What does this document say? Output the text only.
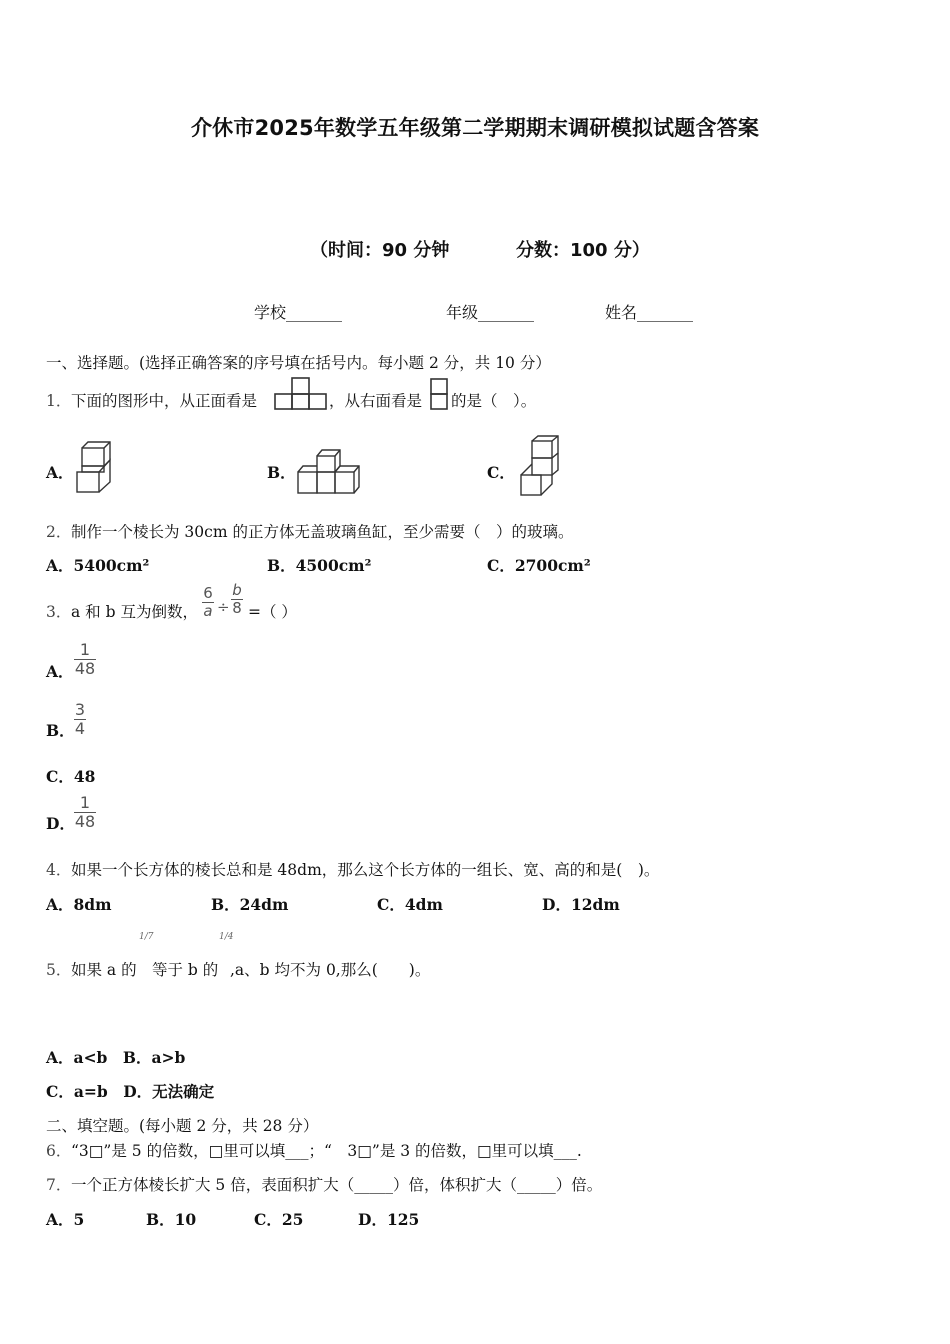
介休市2025年数学五年级第二学期期末调研模拟试题含答案
（时间：90 分钟	分数：100 分）
学校_______	年级_______	姓名_______
一、选择题。(选择正确答案的序号填在括号内。每小题 2 分，共 10 分）
1． 下面的图形中，从正面看是	，从右面看是 的是（　）。
A．	B．	C．
2． 制作一个棱长为 30cm 的正方体无盖玻璃鱼缸，至少需要（　）的玻璃。
A．5400cm²	B．4500cm²	C．2700cm²
3． a 和 b 互为倒数，
6
a ÷
b
8 =（ ）
A．
1
48
B．
3
4
C．48
D．
1
48
4． 如果一个长方体的棱长总和是 48dm，那么这个长方体的一组长、宽、高的和是(　)。
A．8dm	B．24dm	C．4dm	D．12dm
5． 如果 a 的
1/7
等于 b 的
1/4
,a、b 均不为 0,那么(　　)。
A．a<b　B．a>b
C．a=b　D．无法确定
二、填空题。(每小题 2 分，共 28 分）
6． “3□”是 5 的倍数，□里可以填___；“　3□”是 3 的倍数，□里可以填___.
7． 一个正方体棱长扩大 5 倍，表面积扩大（_____）倍，体积扩大（_____）倍。
A．5	B．10	C．25	D．125
